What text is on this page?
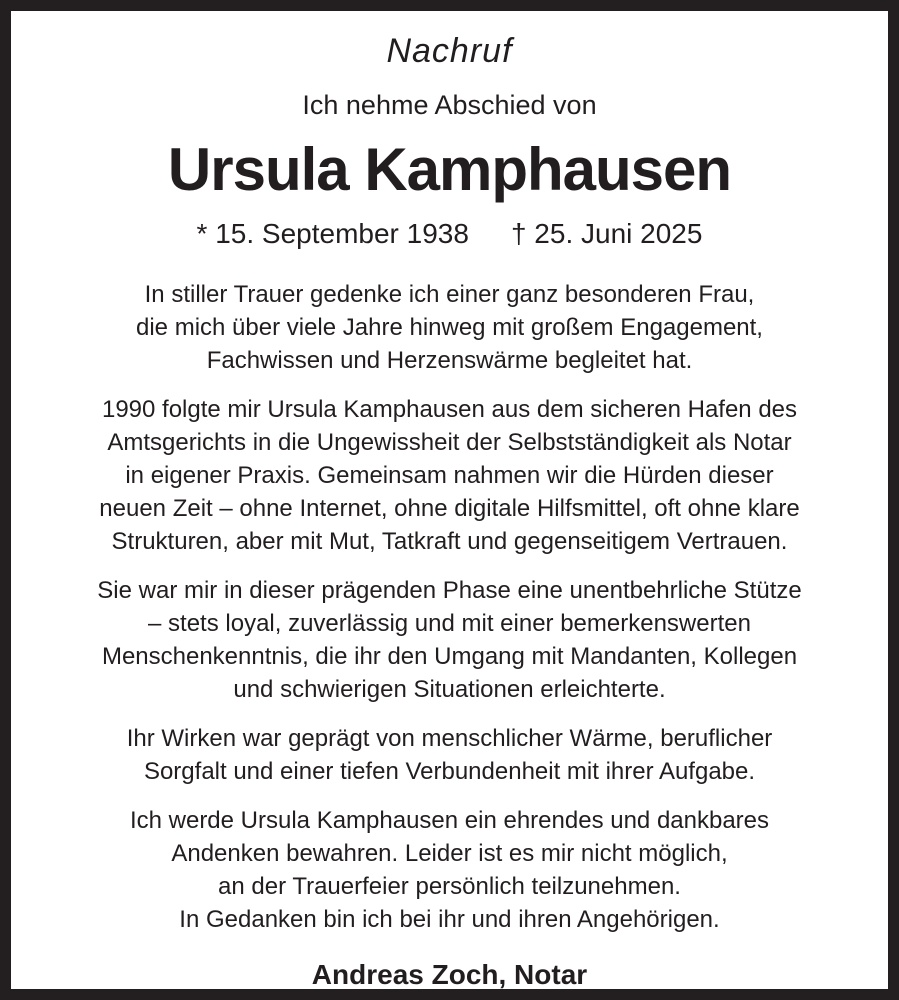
Nachruf
Ich nehme Abschied von
Ursula Kamphausen
* 15. September 1938 † 25. Juni 2025

In stiller Trauer gedenke ich einer ganz besonderen Frau,
die mich über viele Jahre hinweg mit großem Engagement,
Fachwissen und Herzenswärme begleitet hat.

1990 folgte mir Ursula Kamphausen aus dem sicheren Hafen des
Amtsgerichts in die Ungewissheit der Selbstständigkeit als Notar
in eigener Praxis. Gemeinsam nahmen wir die Hürden dieser
neuen Zeit – ohne Internet, ohne digitale Hilfsmittel, oft ohne klare
Strukturen, aber mit Mut, Tatkraft und gegenseitigem Vertrauen.

Sie war mir in dieser prägenden Phase eine unentbehrliche Stütze
– stets loyal, zuverlässig und mit einer bemerkenswerten
Menschenkenntnis, die ihr den Umgang mit Mandanten, Kollegen
und schwierigen Situationen erleichterte.

Ihr Wirken war geprägt von menschlicher Wärme, beruflicher
Sorgfalt und einer tiefen Verbundenheit mit ihrer Aufgabe.

Ich werde Ursula Kamphausen ein ehrendes und dankbares
Andenken bewahren. Leider ist es mir nicht möglich,
an der Trauerfeier persönlich teilzunehmen.
In Gedanken bin ich bei ihr und ihren Angehörigen.

Andreas Zoch, Notar
